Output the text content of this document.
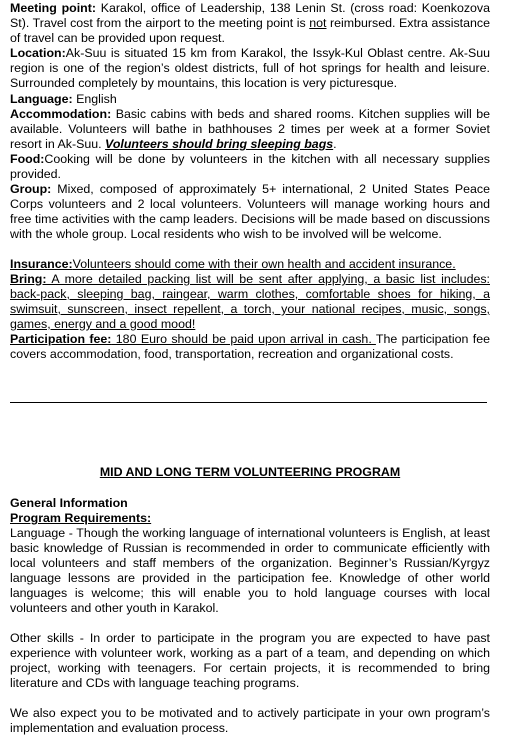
Meeting point: Karakol, office of Leadership, 138 Lenin St. (cross road: Koenkozova St). Travel cost from the airport to the meeting point is not reimbursed. Extra assistance of travel can be provided upon request.

Location:Ak-Suu is situated 15 km from Karakol, the Issyk-Kul Oblast centre. Ak-Suu region is one of the region’s oldest districts, full of hot springs for health and leisure. Surrounded completely by mountains, this location is very picturesque.

Language: English

Accommodation: Basic cabins with beds and shared rooms. Kitchen supplies will be available. Volunteers will bathe in bathhouses 2 times per week at a former Soviet resort in Ak-Suu. Volunteers should bring sleeping bags.

Food:Cooking will be done by volunteers in the kitchen with all necessary supplies provided.

Group: Mixed, composed of approximately 5+ international, 2 United States Peace Corps volunteers and 2 local volunteers. Volunteers will manage working hours and free time activities with the camp leaders. Decisions will be made based on discussions with the whole group. Local residents who wish to be involved will be welcome.

Insurance:Volunteers should come with their own health and accident insurance.

Bring: A more detailed packing list will be sent after applying, a basic list includes: back-pack, sleeping bag, raingear, warm clothes, comfortable shoes for hiking, a swimsuit, sunscreen, insect repellent, a torch, your national recipes, music, songs, games, energy and a good mood!

Participation fee: 180 Euro should be paid upon arrival in cash. The participation fee covers accommodation, food, transportation, recreation and organizational costs.

MID AND LONG TERM VOLUNTEERING PROGRAM

General Information

Program Requirements:

Language - Though the working language of international volunteers is English, at least basic knowledge of Russian is recommended in order to communicate efficiently with local volunteers and staff members of the organization. Beginner’s Russian/Kyrgyz language lessons are provided in the participation fee. Knowledge of other world languages is welcome; this will enable you to hold language courses with local volunteers and other youth in Karakol.

Other skills - In order to participate in the program you are expected to have past experience with volunteer work, working as a part of a team, and depending on which project, working with teenagers. For certain projects, it is recommended to bring literature and CDs with language teaching programs.

We also expect you to be motivated and to actively participate in your own program’s implementation and evaluation process.
